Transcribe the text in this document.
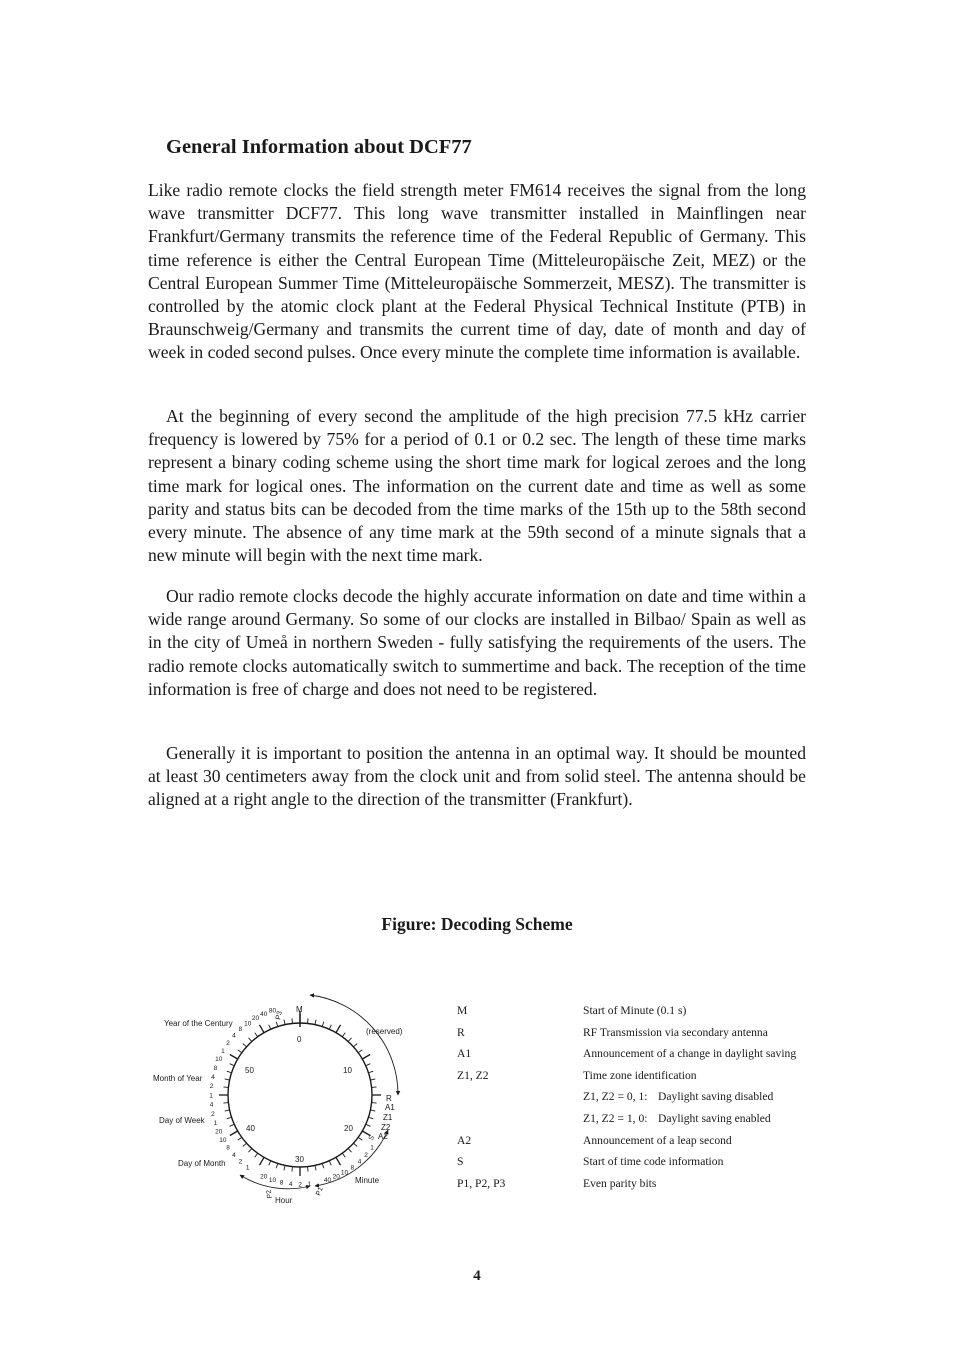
General Information about DCF77

Like radio remote clocks the field strength meter FM614 receives the signal from the long wave transmitter DCF77. This long wave transmitter installed in Mainflingen near Frankfurt/Germany transmits the reference time of the Federal Republic of Germany. This time reference is either the Central European Time (Mitteleuropäische Zeit, MEZ) or the Central European Summer Time (Mitteleuropäische Sommerzeit, MESZ). The transmitter is controlled by the atomic clock plant at the Federal Physical Technical Institute (PTB) in Braunschweig/Germany and transmits the current time of day, date of month and day of week in coded second pulses. Once every minute the complete time information is available.

At the beginning of every second the amplitude of the high precision 77.5 kHz carrier frequency is lowered by 75% for a period of 0.1 or 0.2 sec. The length of these time marks represent a binary coding scheme using the short time mark for logical zeroes and the long time mark for logical ones. The information on the current date and time as well as some parity and status bits can be decoded from the time marks of the 15th up to the 58th second every minute. The absence of any time mark at the 59th second of a minute signals that a new minute will begin with the next time mark.

Our radio remote clocks decode the highly accurate information on date and time within a wide range around Germany. So some of our clocks are installed in Bilbao/ Spain as well as in the city of Umeå in northern Sweden - fully satisfying the requirements of the users. The radio remote clocks automatically switch to summertime and back. The reception of the time information is free of charge and does not need to be registered.

Generally it is important to position the antenna in an optimal way. It should be mounted at least 30 centimeters away from the clock unit and from solid steel. The antenna should be aligned at a right angle to the direction of the transmitter (Frankfurt).

Figure: Decoding Scheme

Year of the Century
Month of Year
Day of Week
Day of Month
Hour
Minute
(reserved)
M
0
10
20
30
40
50
R
A1
Z1
Z2
A2
P3
P2	P1
S
40 20
10
8
4
2
1
20 10 8 4 2 1
20
10
8
4
2
1
4
2
1
10
8
4
2
1
80
40
20
10
8
4
2
1
M	Start of Minute (0.1 s)
R	RF Transmission via secondary antenna
A1	Announcement of a change in daylight saving
Z1, Z2	Time zone identification
Z1, Z2 = 0, 1: Daylight saving disabled
Z1, Z2 = 1, 0: Daylight saving enabled
A2	Announcement of a leap second
S	Start of time code information
P1, P2, P3	Even parity bits

4
